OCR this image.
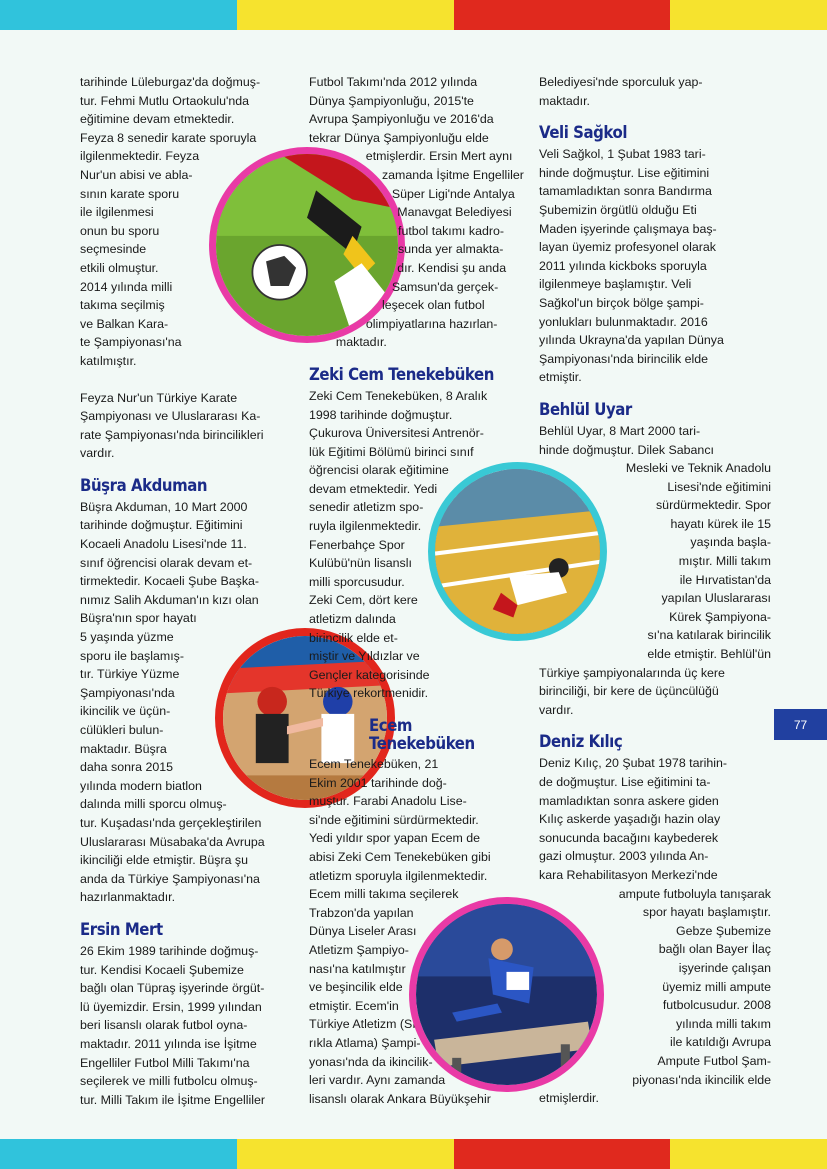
tarihinde Lüleburgaz'da doğmuş-
tur. Fehmi Mutlu Ortaokulu'nda
eğitimine devam etmektedir.
Feyza 8 senedir karate sporuyla

ilgilenmektedir. Feyza
Nur'un abisi ve abla-
sının karate sporu
ile ilgilenmesi
onun bu sporu
seçmesinde
etkili olmuştur.
2014 yılında milli
takıma seçilmiş
ve Balkan Kara-
te Şampiyonası'na
katılmıştır.

Feyza Nur'un Türkiye Karate
Şampiyonası ve Uluslararası Ka-
rate Şampiyonası'nda birincilikleri
vardır.

Büşra Akduman

Büşra Akduman, 10 Mart 2000
tarihinde doğmuştur. Eğitimini
Kocaeli Anadolu Lisesi'nde 11.
sınıf öğrencisi olarak devam et-
tirmektedir. Kocaeli Şube Başka-
nımız Salih Akduman'ın kızı olan
Büşra'nın spor hayatı

5 yaşında yüzme
sporu ile başlamış-
tır. Türkiye Yüzme
Şampiyonası'nda
ikincilik ve üçün-
cülükleri bulun-
maktadır. Büşra
daha sonra 2015
yılında modern biatlon
dalında milli sporcu olmuş-
tur. Kuşadası'nda gerçekleştirilen
Uluslararası Müsabaka'da Avrupa
ikinciliği elde etmiştir. Büşra şu
anda da Türkiye Şampiyonası'na
hazırlanmaktadır.

Ersin Mert

26 Ekim 1989 tarihinde doğmuş-
tur. Kendisi Kocaeli Şubemize
bağlı olan Tüpraş işyerinde örgüt-
lü üyemizdir. Ersin, 1999 yılından
beri lisanslı olarak futbol oyna-
maktadır. 2011 yılında ise İşitme
Engelliler Futbol Milli Takımı'na
seçilerek ve milli futbolcu olmuş-
tur. Milli Takım ile İşitme Engelliler

Futbol Takımı'nda 2012 yılında
Dünya Şampiyonluğu, 2015'te
Avrupa Şampiyonluğu ve 2016'da
tekrar Dünya Şampiyonluğu elde
etmişlerdir. Ersin Mert aynı
zamanda İşitme Engelliler
Süper Ligi'nde Antalya
Manavgat Belediyesi
futbol takımı kadro-
sunda yer almakta-
dır. Kendisi şu anda
Samsun'da gerçek-
leşecek olan futbol
olimpiyatlarına hazırlan-
maktadır.

Zeki Cem Tenekebüken

Zeki Cem Tenekebüken, 8 Aralık
1998 tarihinde doğmuştur.
Çukurova Üniversitesi Antrenör-
lük Eğitimi Bölümü birinci sınıf
öğrencisi olarak eğitimine
devam etmektedir. Yedi
senedir atletizm spo-
ruyla ilgilenmektedir.
Fenerbahçe Spor
Kulübü'nün lisanslı
milli sporcusudur.
Zeki Cem, dört kere
atletizm dalında
birincilik elde et-
miştir ve Yıldızlar ve
Gençler kategorisinde
Türkiye rekortmenidir.

Ecem Tenekebüken

Ecem Tenekebüken, 21
Ekim 2001 tarihinde doğ-
muştur. Farabi Anadolu Lise-
si'nde eğitimini sürdürmektedir.
Yedi yıldır spor yapan Ecem de
abisi Zeki Cem Tenekebüken gibi
atletizm sporuyla ilgilenmektedir.
Ecem milli takıma seçilerek
Trabzon'da yapılan
Dünya Liseler Arası
Atletizm Şampiyo-
nası'na katılmıştır
ve beşincilik elde
etmiştir. Ecem'in
Türkiye Atletizm (Sı-
rıkla Atlama) Şampi-
yonası'nda da ikincilik-
leri vardır. Aynı zamanda
lisanslı olarak Ankara Büyükşehir

Belediyesi'nde sporculuk yap-
maktadır.

Veli Sağkol

Veli Sağkol, 1 Şubat 1983 tari-
hinde doğmuştur. Lise eğitimini
tamamladıktan sonra Bandırma
Şubemizin örgütlü olduğu Eti
Maden işyerinde çalışmaya baş-
layan üyemiz profesyonel olarak
2011 yılında kickboks sporuyla
ilgilenmeye başlamıştır. Veli
Sağkol'un birçok bölge şampi-
yonlukları bulunmaktadır. 2016
yılında Ukrayna'da yapılan Dünya
Şampiyonası'nda birincilik elde
etmiştir.

Behlül Uyar

Behlül Uyar, 8 Mart 2000 tari-

hinde doğmuştur. Dilek Sabancı

Mesleki ve Teknik Anadolu
Lisesi'nde eğitimini
sürdürmektedir. Spor
hayatı kürek ile 15
yaşında başla-
mıştır. Milli takım
ile Hırvatistan'da
yapılan Uluslararası
Kürek Şampiyona-
sı'na katılarak birincilik
elde etmiştir. Behlül'ün

Türkiye şampiyonalarında üç kere
birinciliği, bir kere de üçüncülüğü
vardır.

Deniz Kılıç

Deniz Kılıç, 20 Şubat 1978 tarihin-
de doğmuştur. Lise eğitimini ta-
mamladıktan sonra askere giden
Kılıç askerde yaşadığı hazin olay
sonucunda bacağını kaybederek
gazi olmuştur. 2003 yılında An-
kara Rehabilitasyon Merkezi'nde

ampute futboluyla tanışarak
spor hayatı başlamıştır.
Gebze Şubemize
bağlı olan Bayer İlaç
işyerinde çalışan
üyemiz milli ampute
futbolcusudur. 2008
yılında milli takım
ile katıldığı Avrupa
Ampute Futbol Şam-
piyonası'nda ikincilik elde

etmişlerdir.

77
